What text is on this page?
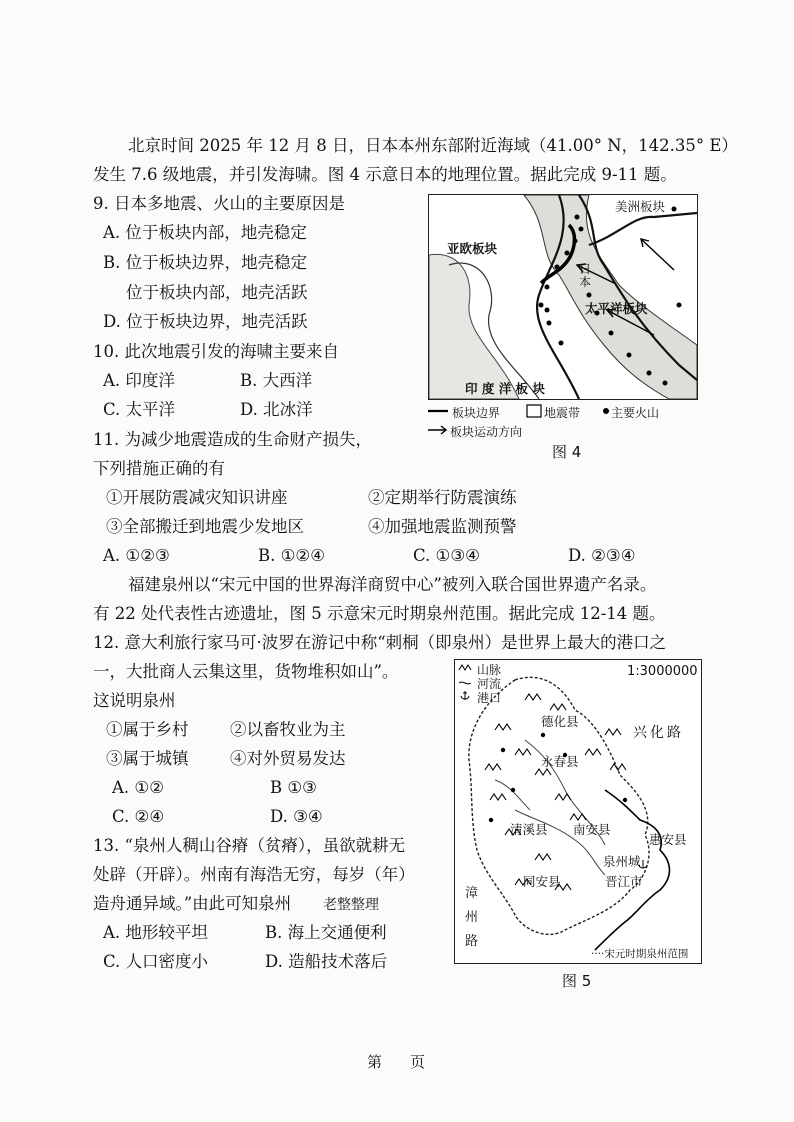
北京时间 2025 年 12 月 8 日，日本本州东部附近海域（41.00° N，142.35° E）
发生 7.6 级地震，并引发海啸。图 4 示意日本的地理位置。据此完成 9-11 题。
9. 日本多地震、火山的主要原因是
A. 位于板块内部，地壳稳定
B. 位于板块边界，地壳稳定
位于板块内部，地壳活跃
D. 位于板块边界，地壳活跃
10. 此次地震引发的海啸主要来自
A. 印度洋	B. 大西洋
C. 太平洋	D. 北冰洋
11. 为减少地震造成的生命财产损失，
下列措施正确的有
①开展防震减灾知识讲座	②定期举行防震演练
③全部搬迁到地震少发地区	④加强地震监测预警
A. ①②③	B. ①②④	C. ①③④	D. ②③④
美洲板块
亚欧板块
日本
太平洋板块
印 度 洋 板 块
板块边界	地震带	主要火山
板块运动方向
图 4
福建泉州以“宋元中国的世界海洋商贸中心”被列入联合国世界遗产名录。
有 22 处代表性古迹遗址，图 5 示意宋元时期泉州范围。据此完成 12-14 题。
12. 意大利旅行家马可·波罗在游记中称“刺桐（即泉州）是世界上最大的港口之
一，大批商人云集这里，货物堆积如山”。
这说明泉州
①属于乡村	②以畜牧业为主
③属于城镇	④对外贸易发达
A. ①②	B ①③
C. ②④	D. ③④
13. “泉州人稠山谷瘠（贫瘠），虽欲就耕无
处辟（开辟）。州南有海浩无穷，每岁（年）
造舟通异域。”由此可知泉州 老整整理
A. 地形较平坦	B. 海上交通便利
C. 人口密度小	D. 造船技术落后
山脉
河流
港口
1:3000000
德化县
兴化路
永春县
清溪县 南安县
惠安县
泉州城
同安县	晋江市
漳
州
路
····宋元时期泉州范围
图 5
第 页
